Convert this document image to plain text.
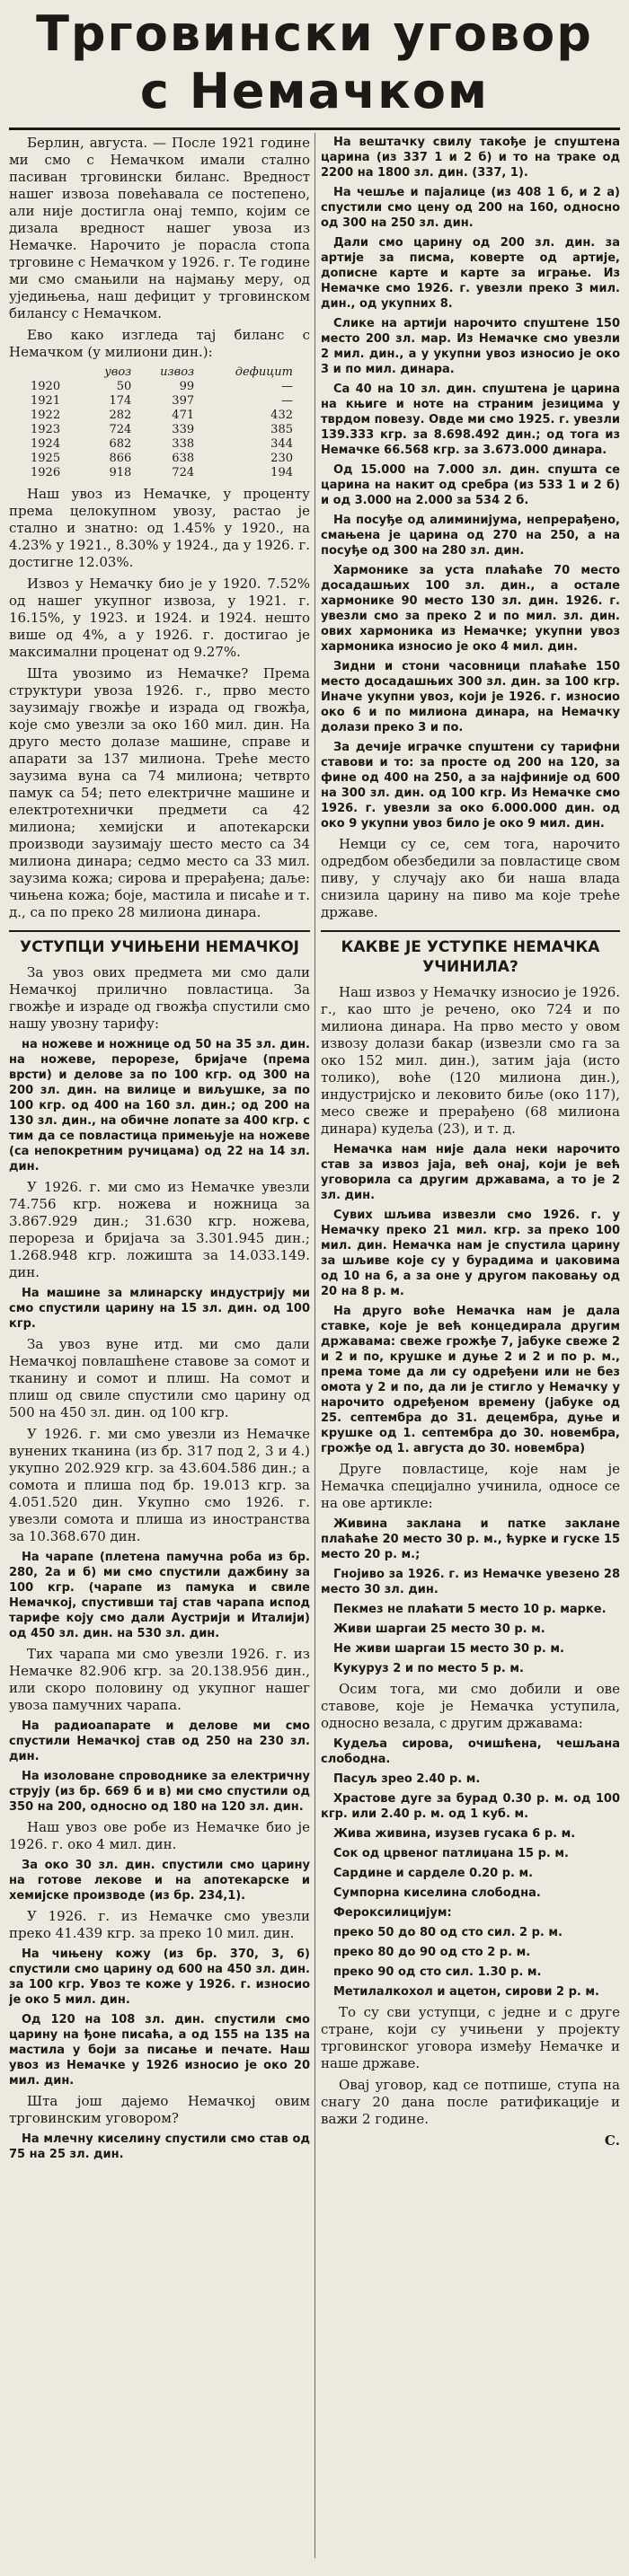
Трговински уговор
с Немачком

Берлин, августа. — После 1921 године ми смо с Немачком имали стално пасиван трговински биланс. Вредност нашег извоза повећавала се постепено, али није достигла онај темпо, којим се дизала вредност нашег увоза из Немачке. Нарочито је порасла стопа трговине с Немачком у 1926. г. Те године ми смо смањили на најмању меру, од уједињења, наш дефицит у трговинском билансу с Немачком.

Ево како изгледа тај биланс с Немачком (у милиони дин.):

	увоз	извоз	дефицит
1920	50	99	—
1921	174	397	—
1922	282	471	432
1923	724	339	385
1924	682	338	344
1925	866	638	230
1926	918	724	194

Наш увоз из Немачке, у проценту према целокупном увозу, растао је стално и знатно: од 1.45% у 1920., на 4.23% у 1921., 8.30% у 1924., да у 1926. г. достигне 12.03%.

Извоз у Немачку био је у 1920. 7.52% од нашег укупног извоза, у 1921. г. 16.15%, у 1923. и 1924. и 1924. нешто више од 4%, а у 1926. г. достигао је максимални проценат од 9.27%.

Шта увозимо из Немачке? Према структури увоза 1926. г., прво место заузимају гвожђе и израда од гвожђа, које смо увезли за око 160 мил. дин. На друго место долазе машине, справе и апарати за 137 милиона. Треће место заузима вуна са 74 милиона; четврто памук са 54; пето електричне машине и електротехнички предмети са 42 милиона; хемијски и апотекарски производи заузимају шесто место са 34 милиона динара; седмо место са 33 мил. заузима кожа; сирова и прерађена; даље: чињена кожа; боје, мастила и писаће и т. д., са по преко 28 милиона динара.

УСТУПЦИ УЧИЊЕНИ НЕМАЧКОЈ

За увоз ових предмета ми смо дали Немачкој прилично повластица. За гвожђе и израде од гвожђа спустили смо нашу увозну тарифу:

на ножеве и ножнице од 50 на 35 зл. дин. на ножеве, перорезе, бријаче (према врсти) и делове за по 100 кгр. од 300 на 200 зл. дин. на вилице и виљушке, за по 100 кгр. од 400 на 160 зл. дин.; од 200 на 130 зл. дин., на обичне лопате за 400 кгр. с тим да се повластица примењује на ножеве (са непокретним ручицама) од 22 на 14 зл. дин.

У 1926. г. ми смо из Немачке увезли 74.756 кгр. ножева и ножница за 3.867.929 дин.; 31.630 кгр. ножева, перореза и бријача за 3.301.945 дин.; 1.268.948 кгр. ложишта за 14.033.149. дин.

На машине за млинарску индустрију ми смо спустили царину на 15 зл. дин. од 100 кгр.

За увоз вуне итд. ми смо дали Немачкој повлашћене ставове за сомот и тканину и сомот и плиш. На сомот и плиш од свиле спустили смо царину од 500 на 450 зл. дин. од 100 кгр.

У 1926. г. ми смо увезли из Немачке вунених тканина (из бр. 317 под 2, 3 и 4.) укупно 202.929 кгр. за 43.604.586 дин.; а сомота и плиша под бр. 19.013 кгр. за 4.051.520 дин. Укупно смо 1926. г. увезли сомота и плиша из иностранства за 10.368.670 дин.

На чарапе (плетена памучна роба из бр. 280, 2а и б) ми смо спустили дажбину за 100 кгр. (чарапе из памука и свиле Немачкој, спустивши тај став чарапа испод тарифе коју смо дали Аустрији и Италији) од 450 зл. дин. на 530 зл. дин.

Тих чарапа ми смо увезли 1926. г. из Немачке 82.906 кгр. за 20.138.956 дин., или скоро половину од укупног нашег увоза памучних чарапа.

На радиоапарате и делове ми смо спустили Немачкој став од 250 на 230 зл. дин.

На изоловане спроводнике за електричну струју (из бр. 669 б и в) ми смо спустили од 350 на 200, односно од 180 на 120 зл. дин.

Наш увоз ове робе из Немачке био је 1926. г. око 4 мил. дин.

За око 30 зл. дин. спустили смо царину на готове лекове и на апотекарске и хемијске производе (из бр. 234,1).

У 1926. г. из Немачке смо увезли преко 41.439 кгр. за преко 10 мил. дин.

На чињену кожу (из бр. 370, 3, 6) спустили смо царину од 600 на 450 зл. дин. за 100 кгр. Увоз те коже у 1926. г. износио је око 5 мил. дин.

Од 120 на 108 зл. дин. спустили смо царину на ђоне писаћа, а од 155 на 135 на мастила у боји за писање и печате. Наш увоз из Немачке у 1926 износио је око 20 мил. дин.

Шта још дајемо Немачкој овим трговинским уговором?

На млечну киселину спустили смо став од 75 на 25 зл. дин.

На вештачку свилу такође је спуштена царина (из 337 1 и 2 б) и то на траке од 2200 на 1800 зл. дин. (337, 1).

На чешље и пајалице (из 408 1 б, и 2 а) спустили смо цену од 200 на 160, односно од 300 на 250 зл. дин.

Дали смо царину од 200 зл. дин. за артије за писма, коверте од артије, дописне карте и карте за играње. Из Немачке смо 1926. г. увезли преко 3 мил. дин., од укупних 8.

Слике на артији нарочито спуштене 150 место 200 зл. мар. Из Немачке смо увезли 2 мил. дин., а у укупни увоз износио је око 3 и по мил. динара.

Са 40 на 10 зл. дин. спуштена је царина на књиге и ноте на страним језицима у тврдом повезу. Овде ми смо 1925. г. увезли 139.333 кгр. за 8.698.492 дин.; од тога из Немачке 66.568 кгр. за 3.673.000 динара.

Од 15.000 на 7.000 зл. дин. спушта се царина на накит од сребра (из 533 1 и 2 б) и од 3.000 на 2.000 за 534 2 б.

На посуђе од алиминијума, непрерађено, смањена је царина од 270 на 250, а на посуђе од 300 на 280 зл. дин.

Хармонике за уста плаћаће 70 место досадашњих 100 зл. дин., а остале хармонике 90 место 130 зл. дин. 1926. г. увезли смо за преко 2 и по мил. зл. дин. ових хармоника из Немачке; укупни увоз хармоника износио је око 4 мил. дин.

Зидни и стони часовници плаћаће 150 место досадашњих 300 зл. дин. за 100 кгр. Иначе укупни увоз, који је 1926. г. износио око 6 и по милиона динара, на Немачку долази преко 3 и по.

За дечије играчке спуштени су тарифни ставови и то: за просте од 200 на 120, за фине од 400 на 250, а за најфиније од 600 на 300 зл. дин. од 100 кгр. Из Немачке смо 1926. г. увезли за око 6.000.000 дин. од око 9 укупни увоз било је око 9 мил. дин.

Немци су се, сем тога, нарочито одредбом обезбедили за повластице свом пиву, у случају ако би наша влада снизила царину на пиво ма које треће државе.

КАКВЕ ЈЕ УСТУПКЕ НЕМАЧКА УЧИНИЛА?

Наш извоз у Немачку износио је 1926. г., као што је речено, око 724 и по милиона динара. На прво место у овом извозу долази бакар (извезли смо га за око 152 мил. дин.), затим јаја (исто толико), воће (120 милиона дин.), индустријско и лековито биље (око 117), месо свеже и прерађено (68 милиона динара) кудеља (23), и т. д.

Немачка нам није дала неки нарочито став за извоз јаја, већ онај, који је већ уговорила са другим државама, а то је 2 зл. дин.

Сувих шљива извезли смо 1926. г. у Немачку преко 21 мил. кгр. за преко 100 мил. дин. Немачка нам је спустила царину за шљиве које су у бурадима и џаковима од 10 на 6, а за оне у другом паковању од 20 на 8 р. м.

На друго воће Немачка нам је дала ставке, које је већ концедирала другим државама: свеже грожђе 7, јабуке свеже 2 и 2 и по, крушке и дуње 2 и 2 и по р. м., према томе да ли су одређени или не без омота у 2 и по, да ли је стигло у Немачку у нарочито одређеном времену (јабуке од 25. септембра до 31. децембра, дуње и крушке од 1. септембра до 30. новембра, грожђе од 1. августа до 30. новембра)

Друге повластице, које нам је Немачка специјално учинила, односе се на ове артикле:

Живина заклана и патке заклане плаћаће 20 место 30 р. м., ћурке и гуске 15 место 20 р. м.;

Гнојиво за 1926. г. из Немачке увезено 28 место 30 зл. дин.

Пекмез не плаћати 5 место 10 р. марке.

Живи шаргаи 25 место 30 р. м.

Не живи шаргаи 15 место 30 р. м.

Кукуруз 2 и по место 5 р. м.

Осим тога, ми смо добили и ове ставове, које је Немачка уступила, односно везала, с другим државама:

Кудеља сирова, очишћена, чешљана слободна.

Пасуљ зрео 2.40 р. м.

Храстове дуге за бурад 0.30 р. м. од 100 кгр. или 2.40 р. м. од 1 куб. м.

Жива живина, изузев гусака 6 р. м.

Сок од црвеног патлиџана 15 р. м.

Сардине и сарделе 0.20 р. м.

Сумпорна киселина слободна.

Фероксилицијум:

преко 50 до 80 од сто сил. 2 р. м.

преко 80 до 90 од сто 2 р. м.

преко 90 од сто сил. 1.30 р. м.

Метилалкохол и ацетон, сирови 2 р. м.

То су сви уступци, с једне и с друге стране, који су учињени у пројекту трговинског уговора између Немачке и наше државе.

Овај уговор, кад се потпише, ступа на снагу 20 дана после ратификације и важи 2 године.

С.
